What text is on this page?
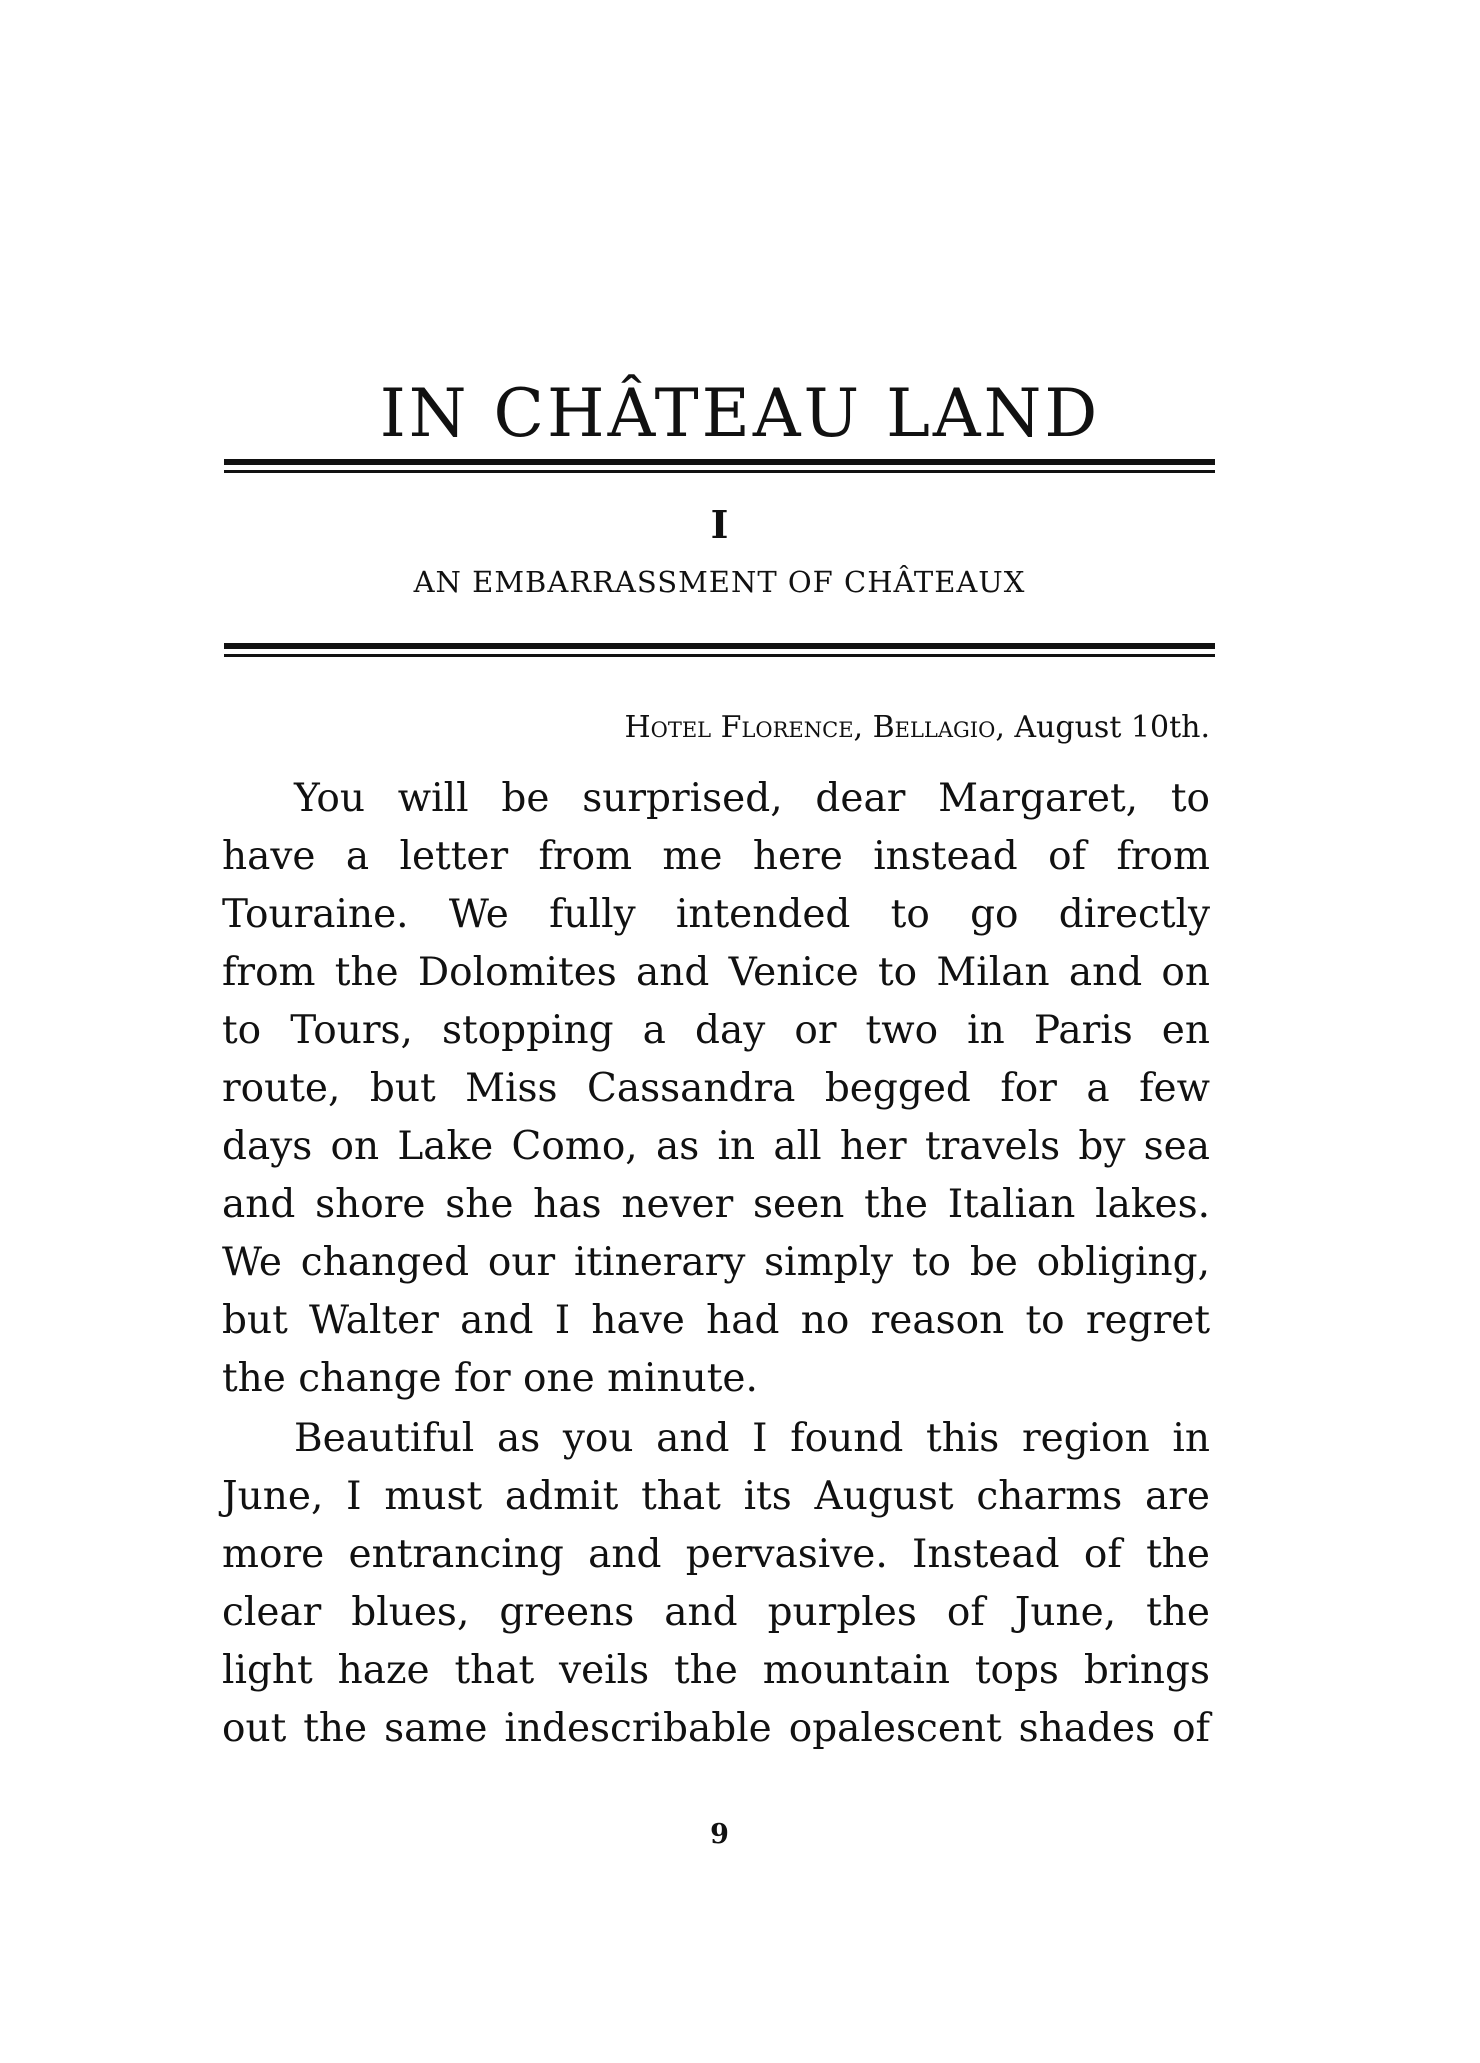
IN CHÂTEAU LAND
I
AN EMBARRASSMENT OF CHÂTEAUX
Hotel Florence, Bellagio, August 10th.
You will be surprised, dear Margaret, to
have a letter from me here instead of from
Touraine. We fully intended to go directly
from the Dolomites and Venice to Milan and on
to Tours, stopping a day or two in Paris en
route, but Miss Cassandra begged for a few
days on Lake Como, as in all her travels by sea
and shore she has never seen the Italian lakes.
We changed our itinerary simply to be obliging,
but Walter and I have had no reason to regret
the change for one minute.
Beautiful as you and I found this region in
June, I must admit that its August charms are
more entrancing and pervasive. Instead of the
clear blues, greens and purples of June, the
light haze that veils the mountain tops brings
out the same indescribable opalescent shades of
9
